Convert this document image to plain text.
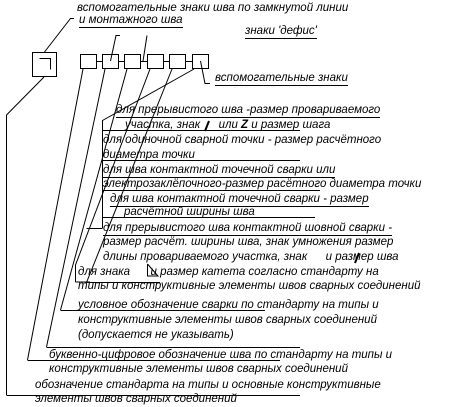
вспомогательные знаки шва по замкнутой линии
и монтажного шва
знаки 'дефис'
вспомогательные знаки
для прерывистого шва -размер провариваемого
участка, знак или Z и размер шага
для одиночной сварной точки - размер расчётного
диаметра точки
для шва контактной точечной сварки или
электрозаклёпочного-размер расётного диаметра точки
для шва контактной точечной сварки - размер
расчётной ширины шва
для прерывистого шва контактной шовной сварки -
размер расчёт. ширины шва, знак умножения размер
длины провариваемого участка, знак и размер шва
для знака и размер катета согласно стандарту на
типы и конструктивные элементы швов сварных соединений
условное обозначение сварки по стандарту на типы и
конструктивные элементы швов сварных соединений
(допускается не указывать)
буквенно-цифровое обозначение шва по стандарту на типы и
конструктивные элементы швов сварных соединений
обозначение стандарта на типы и основные конструктивные
элементы швов сварных соединений
